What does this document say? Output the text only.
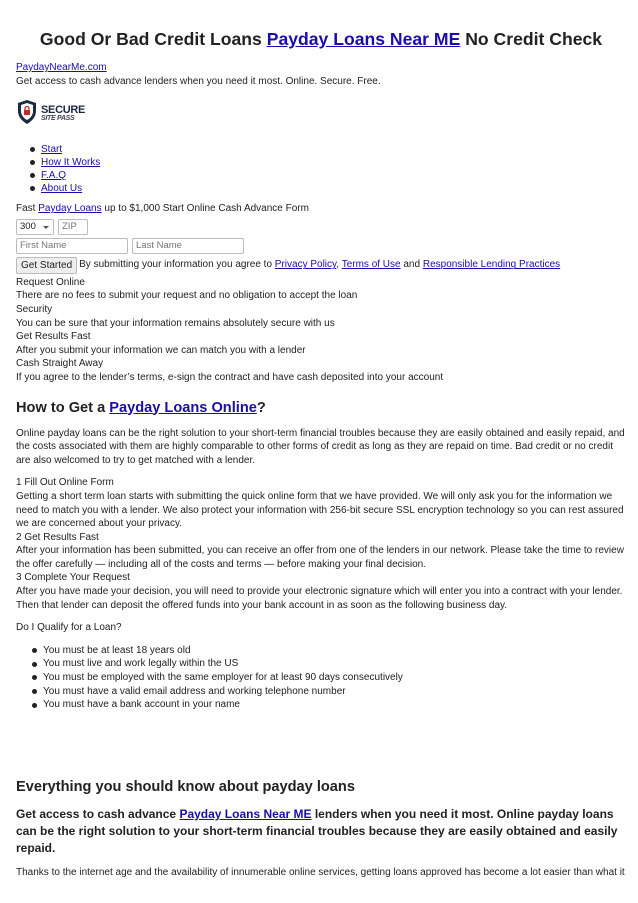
Good Or Bad Credit Loans Payday Loans Near ME No Credit Check
PaydayNearMe.com
Get access to cash advance lenders when you need it most. Online. Secure. Free.
SECURE
SITE PASS
Start
How It Works
F.A.Q
About Us
Fast Payday Loans up to $1,000 Start Online Cash Advance Form
300
ZIP
First Name
Last Name
Get Started By submitting your information you agree to Privacy Policy, Terms of Use and Responsible Lending Practices
Request Online
There are no fees to submit your request and no obligation to accept the loan
Security
You can be sure that your information remains absolutely secure with us
Get Results Fast
After you submit your information we can match you with a lender
Cash Straight Away
If you agree to the lender’s terms, e-sign the contract and have cash deposited into your account
How to Get a Payday Loans Online?
Online payday loans can be the right solution to your short-term financial troubles because they are easily obtained and easily repaid, and the costs associated with them are highly comparable to other forms of credit as long as they are repaid on time. Bad credit or no credit are also welcomed to try to get matched with a lender.
1 Fill Out Online Form
Getting a short term loan starts with submitting the quick online form that we have provided. We will only ask you for the information we need to match you with a lender. We also protect your information with 256-bit secure SSL encryption technology so you can rest assured we are concerned about your privacy.
2 Get Results Fast
After your information has been submitted, you can receive an offer from one of the lenders in our network. Please take the time to review the offer carefully — including all of the costs and terms — before making your final decision.
3 Complete Your Request
After you have made your decision, you will need to provide your electronic signature which will enter you into a contract with your lender. Then that lender can deposit the offered funds into your bank account in as soon as the following business day.
Do I Qualify for a Loan?
You must be at least 18 years old
You must live and work legally within the US
You must be employed with the same employer for at least 90 days consecutively
You must have a valid email address and working telephone number
You must have a bank account in your name
Everything you should know about payday loans
Get access to cash advance Payday Loans Near ME lenders when you need it most. Online payday loans can be the right solution to your short-term financial troubles because they are easily obtained and easily repaid.
Thanks to the internet age and the availability of innumerable online services, getting loans approved has become a lot easier than what it
